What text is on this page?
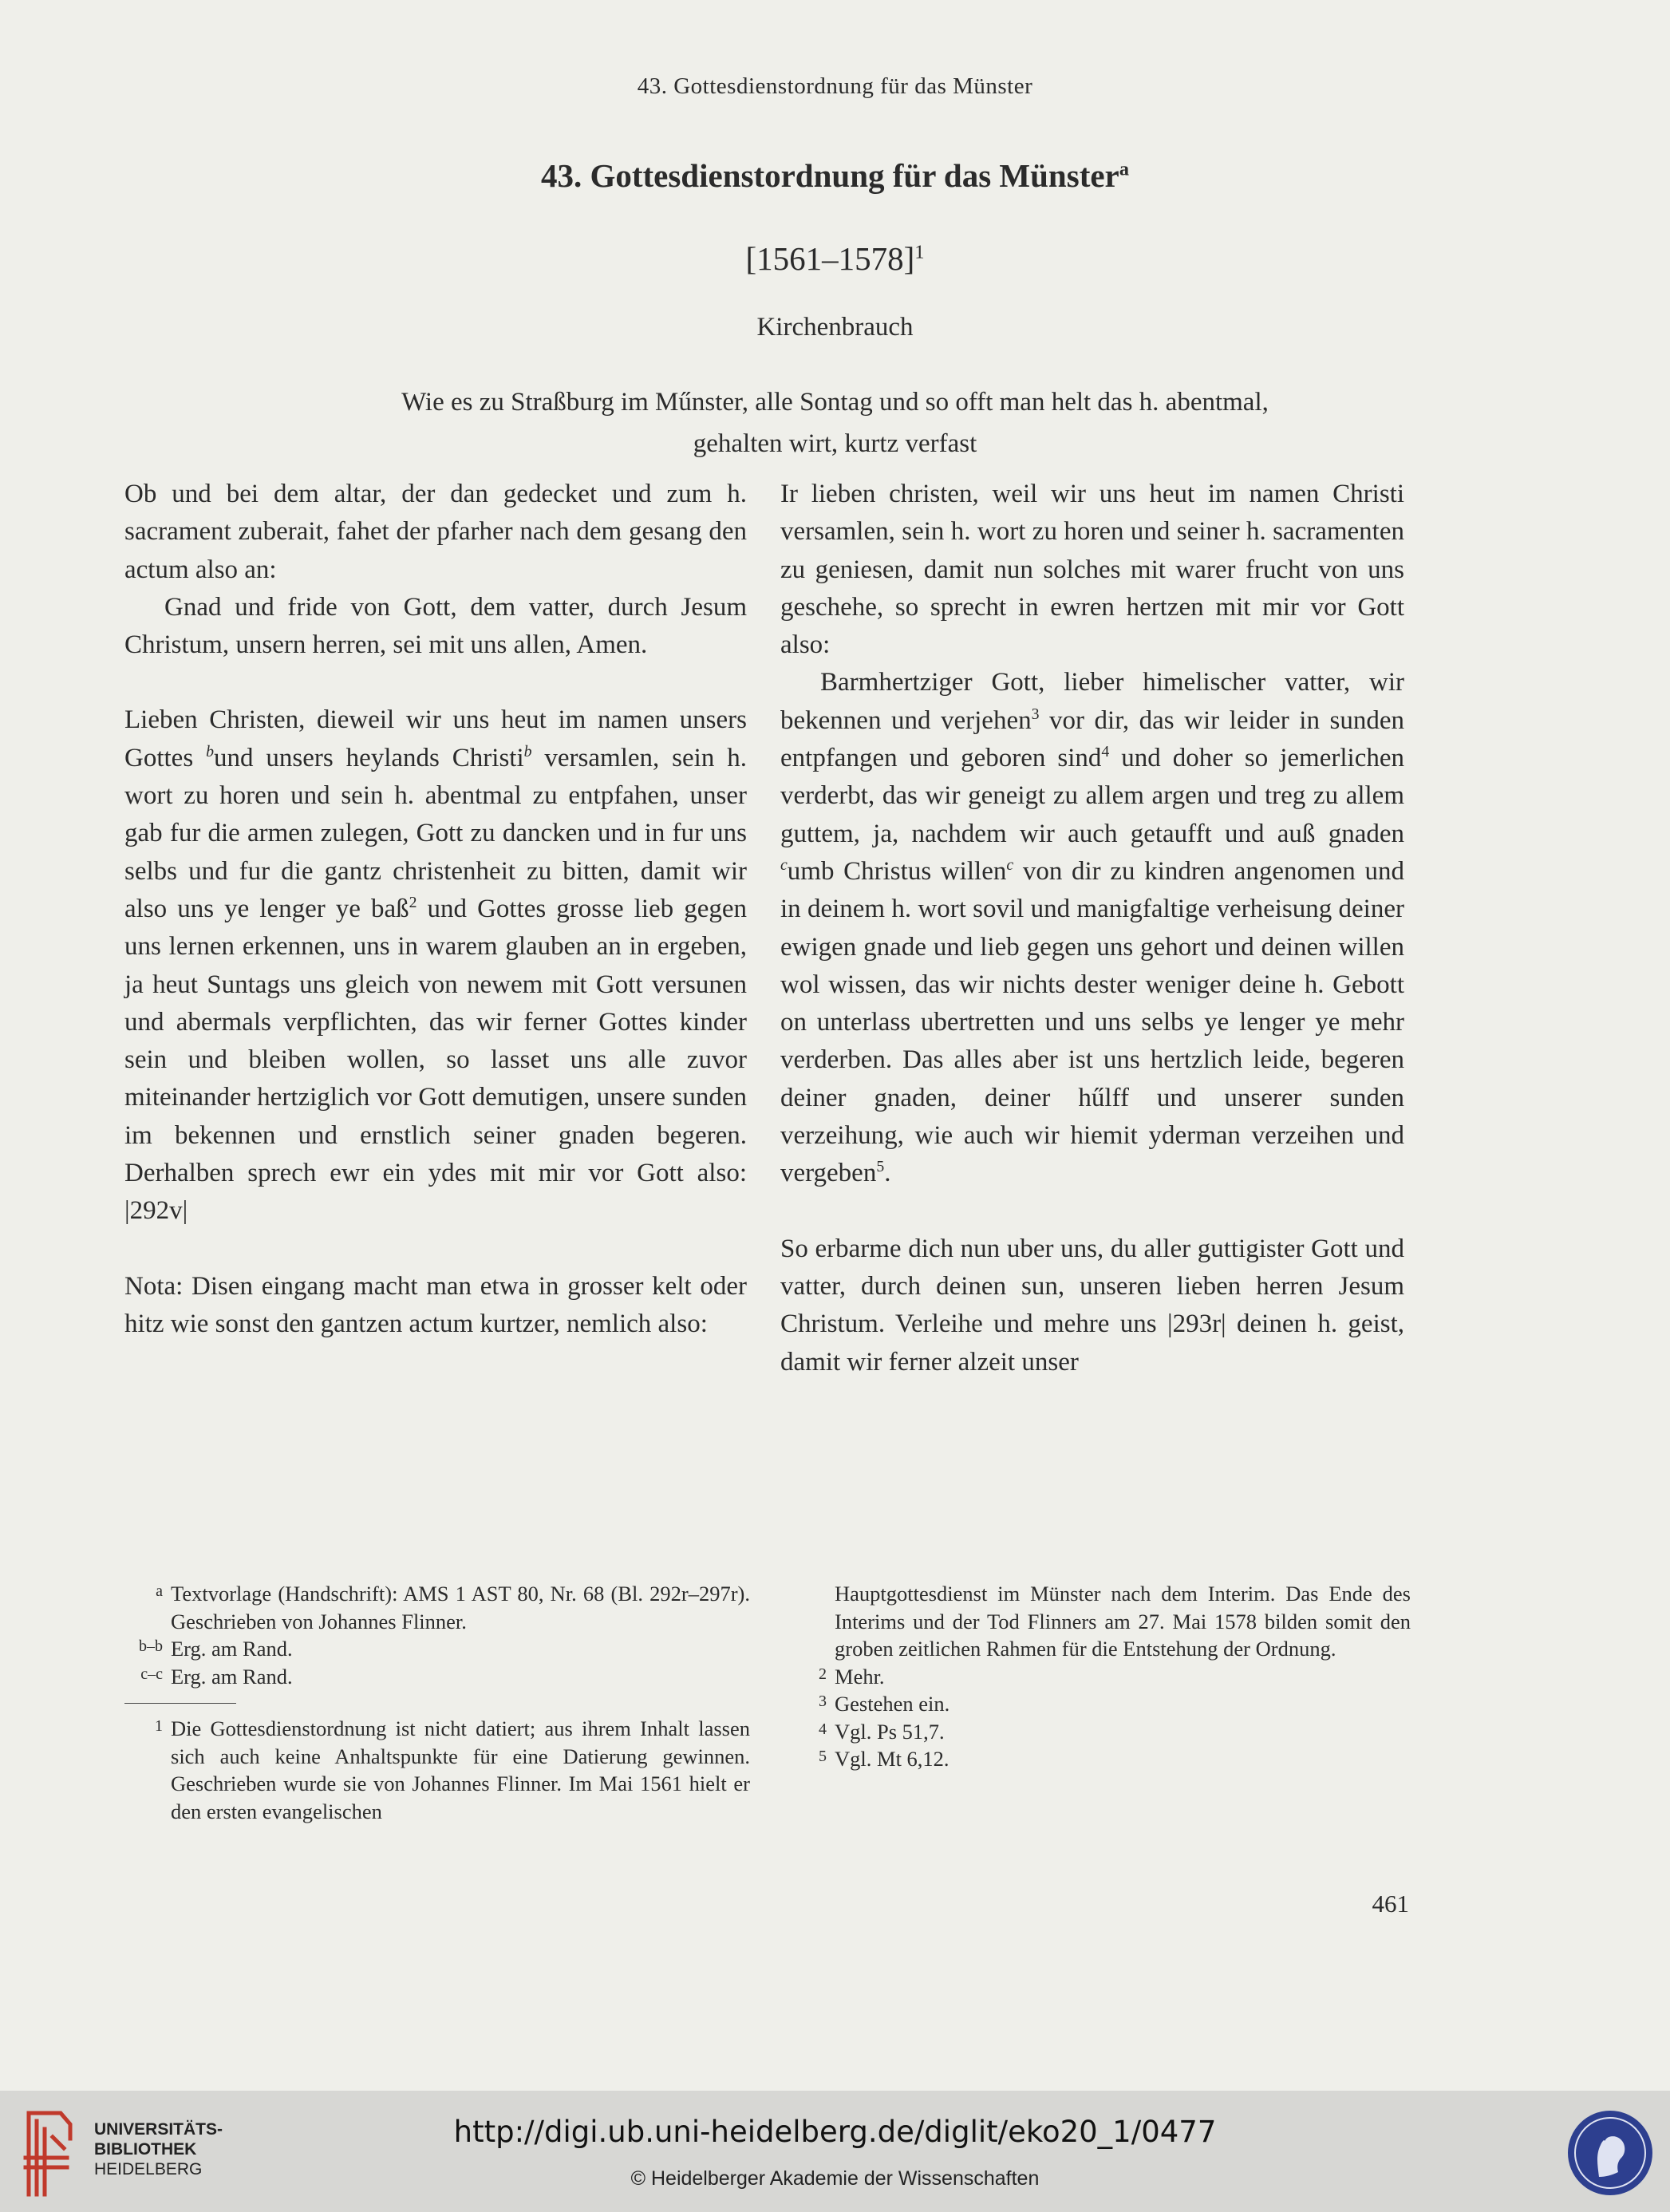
43. Gottesdienstordnung für das Münster
43. Gottesdienstordnung für das Münster$^a$
[1561–1578]$^1$
Kirchenbrauch
Wie es zu Straßburg im Műnster, alle Sontag und so offt man helt das h. abentmal,
gehalten wirt, kurtz verfast

Ob und bei dem altar, der dan gedecket und zum h. sacrament zuberait, fahet der pfarher nach dem gesang den actum also an:

Gnad und fride von Gott, dem vatter, durch Jesum Christum, unsern herren, sei mit uns allen, Amen.

Lieben Christen, dieweil wir uns heut im namen unsers Gottes $^b$und unsers heylands Christi$^b$ versamlen, sein h. wort zu horen und sein h. abentmal zu entpfahen, unser gab fur die armen zulegen, Gott zu dancken und in fur uns selbs und fur die gantz christenheit zu bitten, damit wir also uns ye lenger ye baß$^2$ und Gottes grosse lieb gegen uns lernen erkennen, uns in warem glauben an in ergeben, ja heut Suntags uns gleich von newem mit Gott versunen und abermals verpflichten, das wir ferner Gottes kinder sein und bleiben wollen, so lasset uns alle zuvor miteinander hertziglich vor Gott demutigen, unsere sunden im bekennen und ernstlich seiner gnaden begeren. Derhalben sprech ewr ein ydes mit mir vor Gott also: |292v|

Nota: Disen eingang macht man etwa in grosser kelt oder hitz wie sonst den gantzen actum kurtzer, nemlich also:

Ir lieben christen, weil wir uns heut im namen Christi versamlen, sein h. wort zu horen und seiner h. sacramenten zu geniesen, damit nun solches mit warer frucht von uns geschehe, so sprecht in ewren hertzen mit mir vor Gott also:

Barmhertziger Gott, lieber himelischer vatter, wir bekennen und verjehen$^3$ vor dir, das wir leider in sunden entpfangen und geboren sind$^4$ und doher so jemerlichen verderbt, das wir geneigt zu allem argen und treg zu allem guttem, ja, nachdem wir auch getaufft und auß gnaden $^c$umb Christus willen$^c$ von dir zu kindren angenomen und in deinem h. wort sovil und manigfaltige verheisung deiner ewigen gnade und lieb gegen uns gehort und deinen willen wol wissen, das wir nichts dester weniger deine h. Gebott on unterlass ubertretten und uns selbs ye lenger ye mehr verderben. Das alles aber ist uns hertzlich leide, begeren deiner gnaden, deiner hűlff und unserer sunden verzeihung, wie auch wir hiemit yderman verzeihen und vergeben$^5$.

So erbarme dich nun uber uns, du aller guttigister Gott und vatter, durch deinen sun, unseren lieben herren Jesum Christum. Verleihe und mehre uns |293r| deinen h. geist, damit wir ferner alzeit unser

a Textvorlage (Handschrift): AMS 1 AST 80, Nr. 68 (Bl. 292r–297r). Geschrieben von Johannes Flinner.
b–b Erg. am Rand.
c–c Erg. am Rand.
1 Die Gottesdienstordnung ist nicht datiert; aus ihrem Inhalt lassen sich auch keine Anhaltspunkte für eine Datierung gewinnen. Geschrieben wurde sie von Johannes Flinner. Im Mai 1561 hielt er den ersten evangelischen
Hauptgottesdienst im Münster nach dem Interim. Das Ende des Interims und der Tod Flinners am 27. Mai 1578 bilden somit den groben zeitlichen Rahmen für die Entstehung der Ordnung.
2 Mehr.
3 Gestehen ein.
4 Vgl. Ps 51,7.
5 Vgl. Mt 6,12.
461
UNIVERSITÄTS-
BIBLIOTHEK
HEIDELBERG
http://digi.ub.uni-heidelberg.de/diglit/eko20_1/0477
© Heidelberger Akademie der Wissenschaften
